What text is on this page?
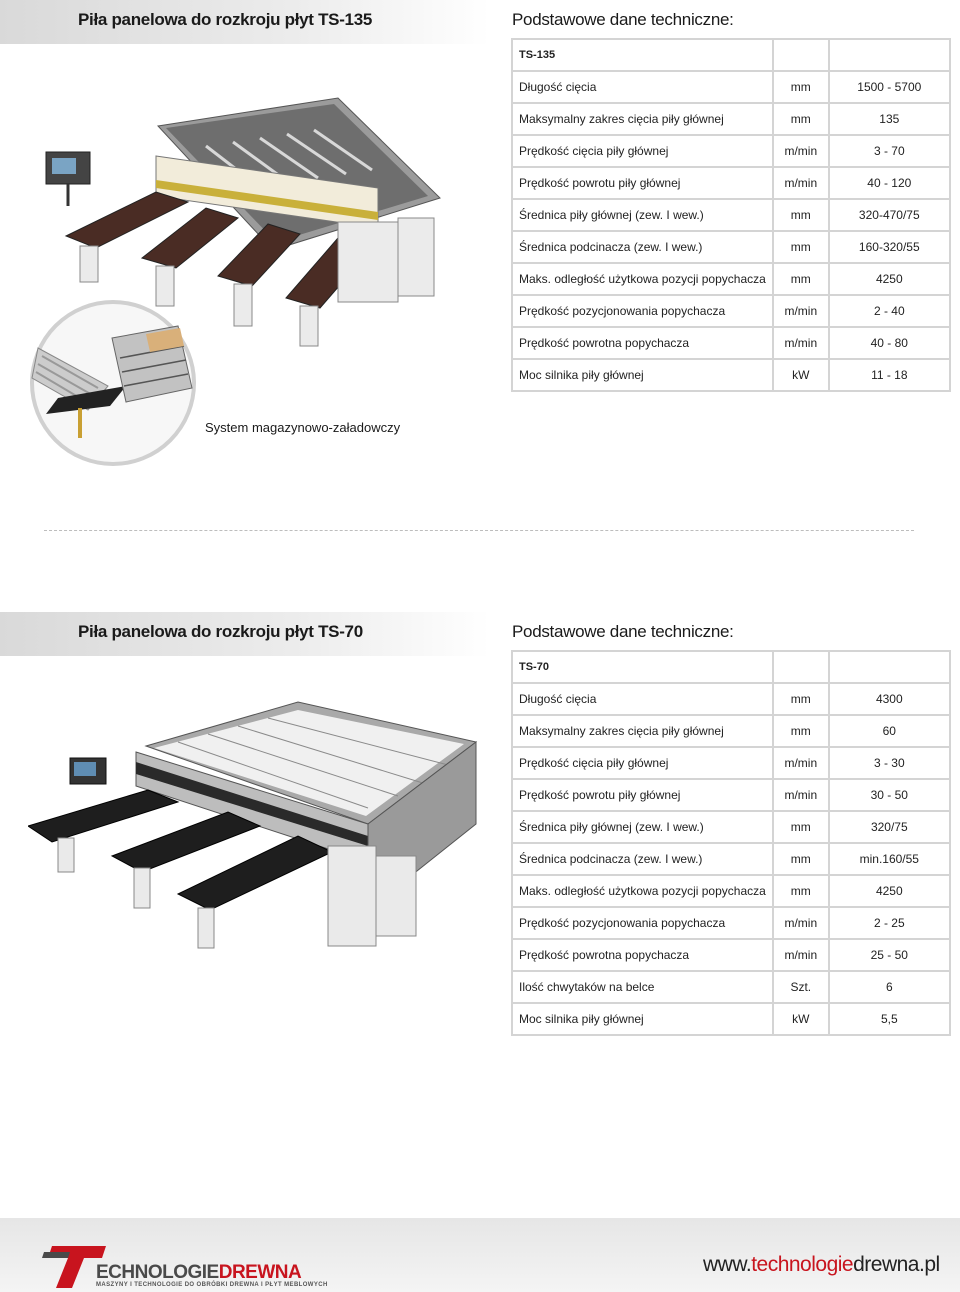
Piła panelowa do rozkroju płyt TS-135	Podstawowe dane techniczne:
TS-135		
Długość cięcia	mm	1500 - 5700
Maksymalny zakres cięcia piły głównej	mm	135
Prędkość cięcia piły głównej	m/min	3 - 70
Prędkość powrotu piły głównej	m/min	40 - 120
Średnica piły głównej (zew. I wew.)	mm	320-470/75
Średnica podcinacza (zew. I wew.)	mm	160-320/55
Maks. odległość użytkowa pozycji popychacza	mm	4250
Prędkość pozycjonowania popychacza	m/min	2 - 40
Prędkość powrotna popychacza	m/min	40 - 80
Moc silnika piły głównej	kW	11 - 18
System magazynowo-załadowczy
Piła panelowa do rozkroju płyt TS-70	Podstawowe dane techniczne:
TS-70		
Długość cięcia	mm	4300
Maksymalny zakres cięcia piły głównej	mm	60
Prędkość cięcia piły głównej	m/min	3 - 30
Prędkość powrotu piły głównej	m/min	30 - 50
Średnica piły głównej (zew. I wew.)	mm	320/75
Średnica podcinacza (zew. I wew.)	mm	min.160/55
Maks. odległość użytkowa pozycji popychacza	mm	4250
Prędkość pozycjonowania popychacza	m/min	2 - 25
Prędkość powrotna popychacza	m/min	25 - 50
Ilość chwytaków na belce	Szt.	6
Moc silnika piły głównej	kW	5,5
ECHNOLOGIEDREWNA
MASZYNY I TECHNOLOGIE DO OBRÓBKI DREWNA I PŁYT MEBLOWYCH
www.technologiedrewna.pl
